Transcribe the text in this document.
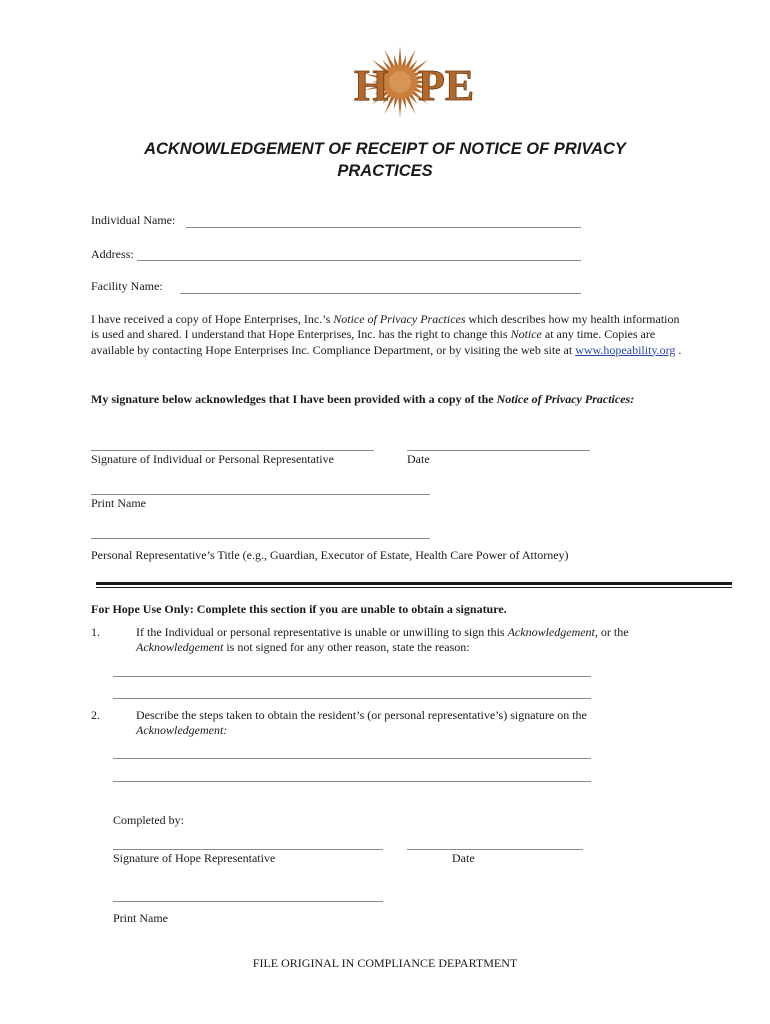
H PE
ACKNOWLEDGEMENT OF RECEIPT OF NOTICE OF PRIVACY
PRACTICES
Individual Name:
Address:
Facility Name:
I have received a copy of Hope Enterprises, Inc.’s Notice of Privacy Practices which describes how my health information is used and shared. I understand that Hope Enterprises, Inc. has the right to change this Notice at any time. Copies are available by contacting Hope Enterprises Inc. Compliance Department, or by visiting the web site at www.hopeability.org .
My signature below acknowledges that I have been provided with a copy of the Notice of Privacy Practices:
Signature of Individual or Personal Representative	Date
Print Name
Personal Representative’s Title (e.g., Guardian, Executor of Estate, Health Care Power of Attorney)
For Hope Use Only: Complete this section if you are unable to obtain a signature.
1.	If the Individual or personal representative is unable or unwilling to sign this Acknowledgement, or the
Acknowledgement is not signed for any other reason, state the reason:
2.	Describe the steps taken to obtain the resident’s (or personal representative’s) signature on the
Acknowledgement:
Completed by:
Signature of Hope Representative	Date
Print Name
FILE ORIGINAL IN COMPLIANCE DEPARTMENT
